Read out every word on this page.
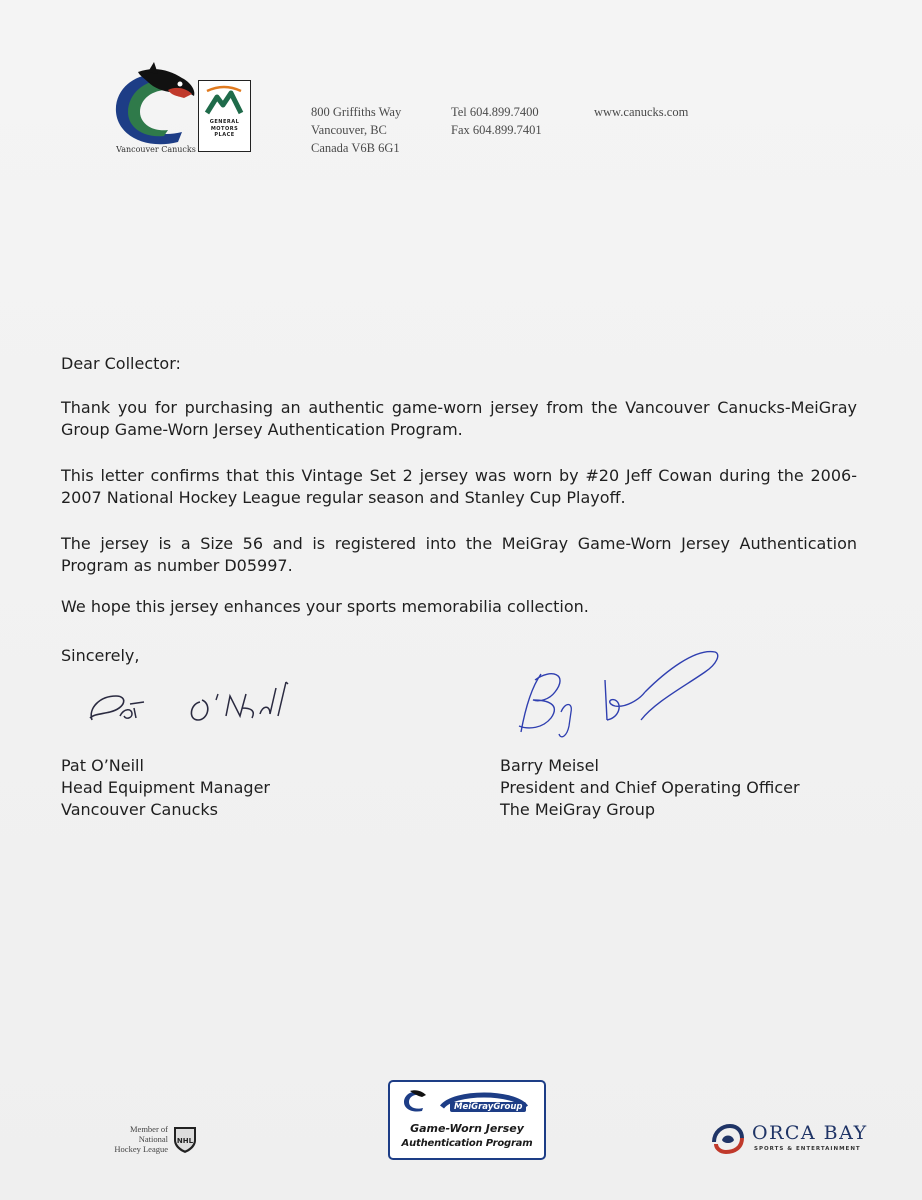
Vancouver Canucks
GENERAL
MOTORS
PLACE
800 Griffiths Way
Vancouver, BC
Canada V6B 6G1
Tel 604.899.7400
Fax 604.899.7401
www.canucks.com
Dear Collector:
Thank you for purchasing an authentic game-worn jersey from the Vancouver Canucks-MeiGray Group Game-Worn Jersey Authentication Program.
This letter confirms that this Vintage Set 2 jersey was worn by #20 Jeff Cowan during the 2006-2007 National Hockey League regular season and Stanley Cup Playoff.
The jersey is a Size 56 and is registered into the MeiGray Game-Worn Jersey Authentication Program as number D05997.
We hope this jersey enhances your sports memorabilia collection.
Sincerely,
Pat O’Neill
Head Equipment Manager
Vancouver Canucks
Barry Meisel
President and Chief Operating Officer
The MeiGray Group
Member of
National
Hockey League
NHL
MeiGrayGroup
Game-Worn Jersey
Authentication Program	ORCA BAY
SPORTS & ENTERTAINMENT
